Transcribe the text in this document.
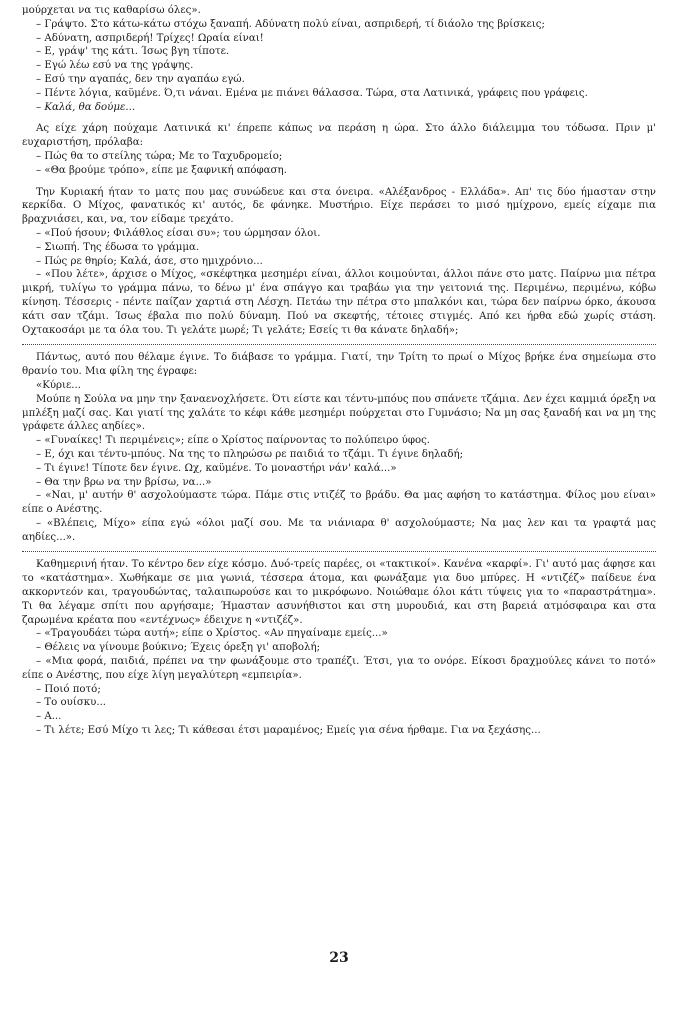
μούρχεται να τις καθαρίσω όλες».

– Γράψτο. Στο κάτω-κάτω στόχω ξαναπή. Αδύνατη πολύ είναι, ασπριδερή, τί διάολο της βρίσκεις;

– Αδύνατη, ασπριδερή! Τρίχες! Ωραία είναι!

– Ε, γράψ' της κάτι. Ίσως βγη τίποτε.

– Εγώ λέω εσύ να της γράψης.

– Εσύ την αγαπάς, δεν την αγαπάω εγώ.

– Πέντε λόγια, καϋμένε. Ό,τι νάναι. Εμένα με πιάνει θάλασσα. Τώρα, στα Λατινικά, γράφεις που γράφεις.

– Καλά, θα δούμε...

Ας είχε χάρη πούχαμε Λατινικά κι' έπρεπε κάπως να περάση η ώρα. Στο άλλο διάλειμμα του τόδωσα. Πριν μ' ευχαριστήση, πρόλαβα:

– Πώς θα το στείλης τώρα; Με το Ταχυδρομείο;

– «Θα βρούμε τρόπο», είπε με ξαφνική απόφαση.

Την Κυριακή ήταν το ματς που μας συνώδευε και στα όνειρα. «Αλέξανδρος - Ελλάδα». Απ' τις δύο ήμασταν στην κερκίδα. Ο Μίχος, φανατικός κι' αυτός, δε φάνηκε. Μυστήριο. Είχε περάσει το μισό ημίχρονο, εμείς είχαμε πια βραχνιάσει, και, να, τον είδαμε τρεχάτο.

– «Πού ήσουν; Φιλάθλος είσαι συ»; του ώρμησαν όλοι.

– Σιωπή. Της έδωσα το γράμμα.

– Πώς ρε θηρίο; Καλά, άσε, στο ημιχρόνιο...

– «Που λέτε», άρχισε ο Μίχος, «σκέφτηκα μεσημέρι είναι, άλλοι κοιμούνται, άλλοι πάνε στο ματς. Παίρνω μια πέτρα μικρή, τυλίγω το γράμμα πάνω, το δένω μ' ένα σπάγγο και τραβάω για την γειτονιά της. Περιμένω, περιμένω, κόβω κίνηση. Τέσσερις - πέντε παίζαν χαρτιά στη Λέσχη. Πετάω την πέτρα στο μπαλκόνι και, τώρα δεν παίρνω όρκο, άκουσα κάτι σαν τζάμι. Ίσως έβαλα πιο πολύ δύναμη. Πού να σκεφτής, τέτοιες στιγμές. Από κει ήρθα εδώ χωρίς στάση. Οχτακοσάρι με τα όλα του. Τι γελάτε μωρέ; Τι γελάτε; Εσείς τι θα κάνατε δηλαδή»;

Πάντως, αυτό που θέλαμε έγινε. Το διάβασε το γράμμα. Γιατί, την Τρίτη το πρωί ο Μίχος βρήκε ένα σημείωμα στο θρανίο του. Μια φίλη της έγραφε:

«Κύριε...

Μούπε η Σούλα να μην την ξαναενοχλήσετε. Ότι είστε και τέντυ-μπόυς που σπάνετε τζάμια. Δεν έχει καμμιά όρεξη να μπλέξη μαζί σας. Και γιατί της χαλάτε το κέφι κάθε μεσημέρι πούρχεται στο Γυμνάσιο; Να μη σας ξαναδή και να μη της γράφετε άλλες αηδίες».

– «Γυναίκες! Τι περιμένεις»; είπε ο Χρίστος παίρνοντας το πολύπειρο ύφος.

– Ε, όχι και τέντυ-μπόυς. Να της το πληρώσω ρε παιδιά το τζάμι. Τι έγινε δηλαδή;

– Τι έγινε! Τίποτε δεν έγινε. Ωχ, καϋμένε. Το μοναστήρι νάν' καλά...»

– Θα την βρω να την βρίσω, να...»

– «Ναι, μ' αυτήν θ' ασχολούμαστε τώρα. Πάμε στις ντιζέζ το βράδυ. Θα μας αφήση το κατάστημα. Φίλος μου είναι» είπε ο Ανέστης.

– «Βλέπεις, Μίχο» είπα εγώ «όλοι μαζί σου. Με τα νιάνιαρα θ' ασχολούμαστε; Να μας λεν και τα γραφτά μας αηδίες...».

Καθημερινή ήταν. Το κέντρο δεν είχε κόσμο. Δυό-τρείς παρέες, οι «τακτικοί». Κανένα «καρφί». Γι' αυτό μας άφησε και το «κατάστημα». Χωθήκαμε σε μια γωνιά, τέσσερα άτομα, και φωνάξαμε για δυο μπύρες. Η «ντιζέζ» παίδευε ένα ακκορντεόν και, τραγουδώντας, ταλαιπωρούσε και το μικρόφωνο. Νοιώθαμε όλοι κάτι τύψεις για το «παραστράτημα». Τι θα λέγαμε σπίτι που αργήσαμε; Ήμασταν ασυνήθιστοι και στη μυρουδιά, και στη βαρειά ατμόσφαιρα και στα ζαρωμένα κρέατα που «εντέχνως» έδειχνε η «ντιζέζ».

– «Τραγουδάει τώρα αυτή»; είπε ο Χρίστος. «Αν πηγαίναμε εμείς...»

– Θέλεις να γίνουμε βούκινο; Έχεις όρεξη γι' αποβολή;

– «Μια φορά, παιδιά, πρέπει να την φωνάξουμε στο τραπέζι. Έτσι, για το ονόρε. Είκοσι δραχμούλες κάνει το ποτό» είπε ο Ανέστης, που είχε λίγη μεγαλύτερη «εμπειρία».

– Ποιό ποτό;

– Το ουίσκυ...

– Α...

– Τι λέτε; Εσύ Μίχο τι λες; Τι κάθεσαι έτσι μαραμένος; Εμείς για σένα ήρθαμε. Για να ξεχάσης...

23
